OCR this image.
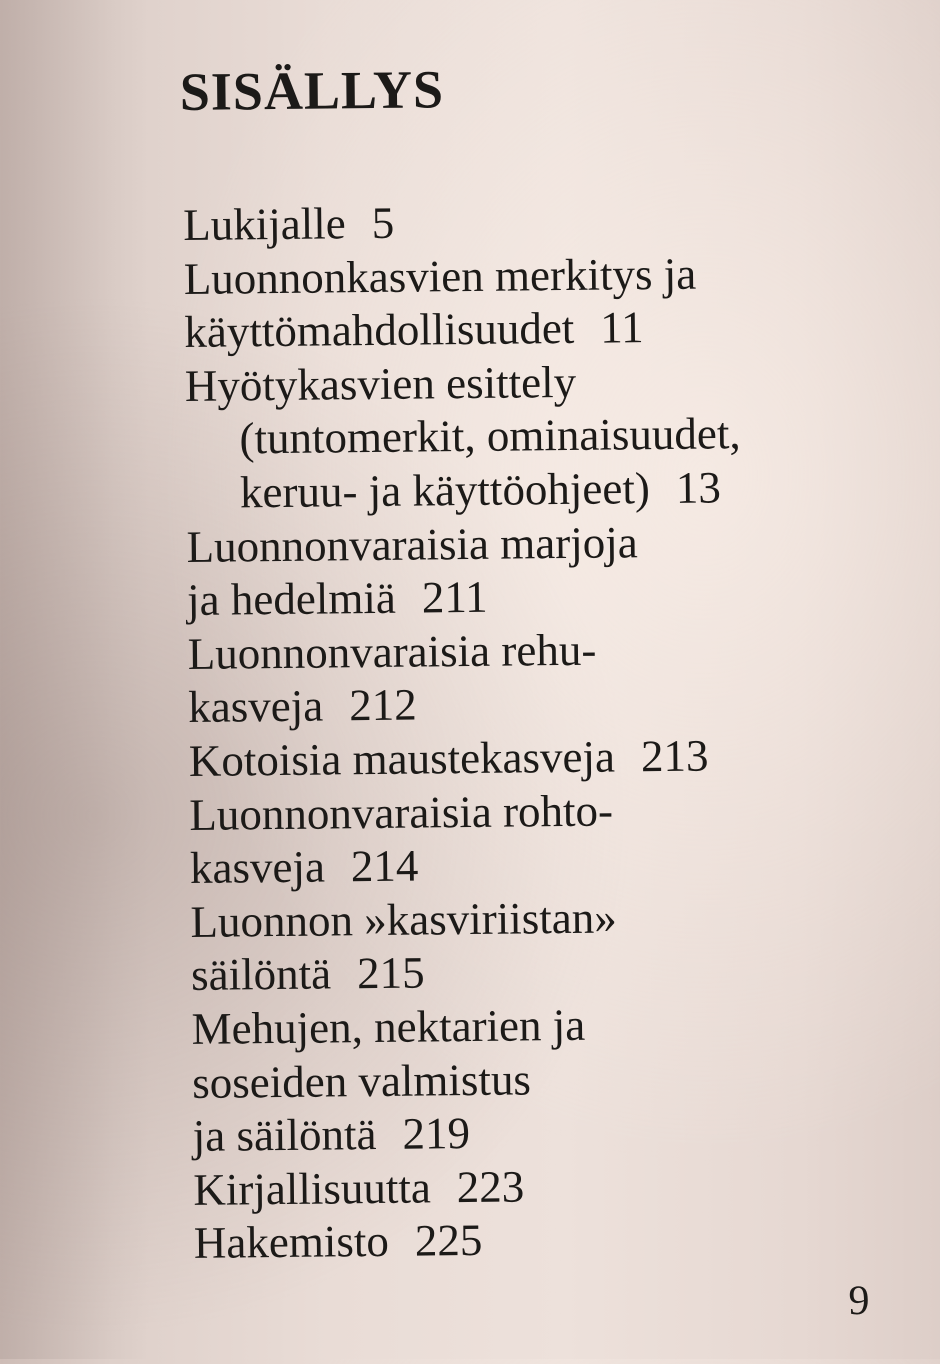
SISÄLLYS
Lukijalle 5
Luonnonkasvien merkitys ja
käyttömahdollisuudet 11
Hyötykasvien esittely
(tuntomerkit, ominaisuudet,
keruu- ja käyttöohjeet) 13
Luonnonvaraisia marjoja
ja hedelmiä 211
Luonnonvaraisia rehu-
kasveja 212
Kotoisia maustekasveja 213
Luonnonvaraisia rohto-
kasveja 214
Luonnon »kasviriistan»
säilöntä 215
Mehujen, nektarien ja
soseiden valmistus
ja säilöntä 219
Kirjallisuutta 223
Hakemisto 225
9
